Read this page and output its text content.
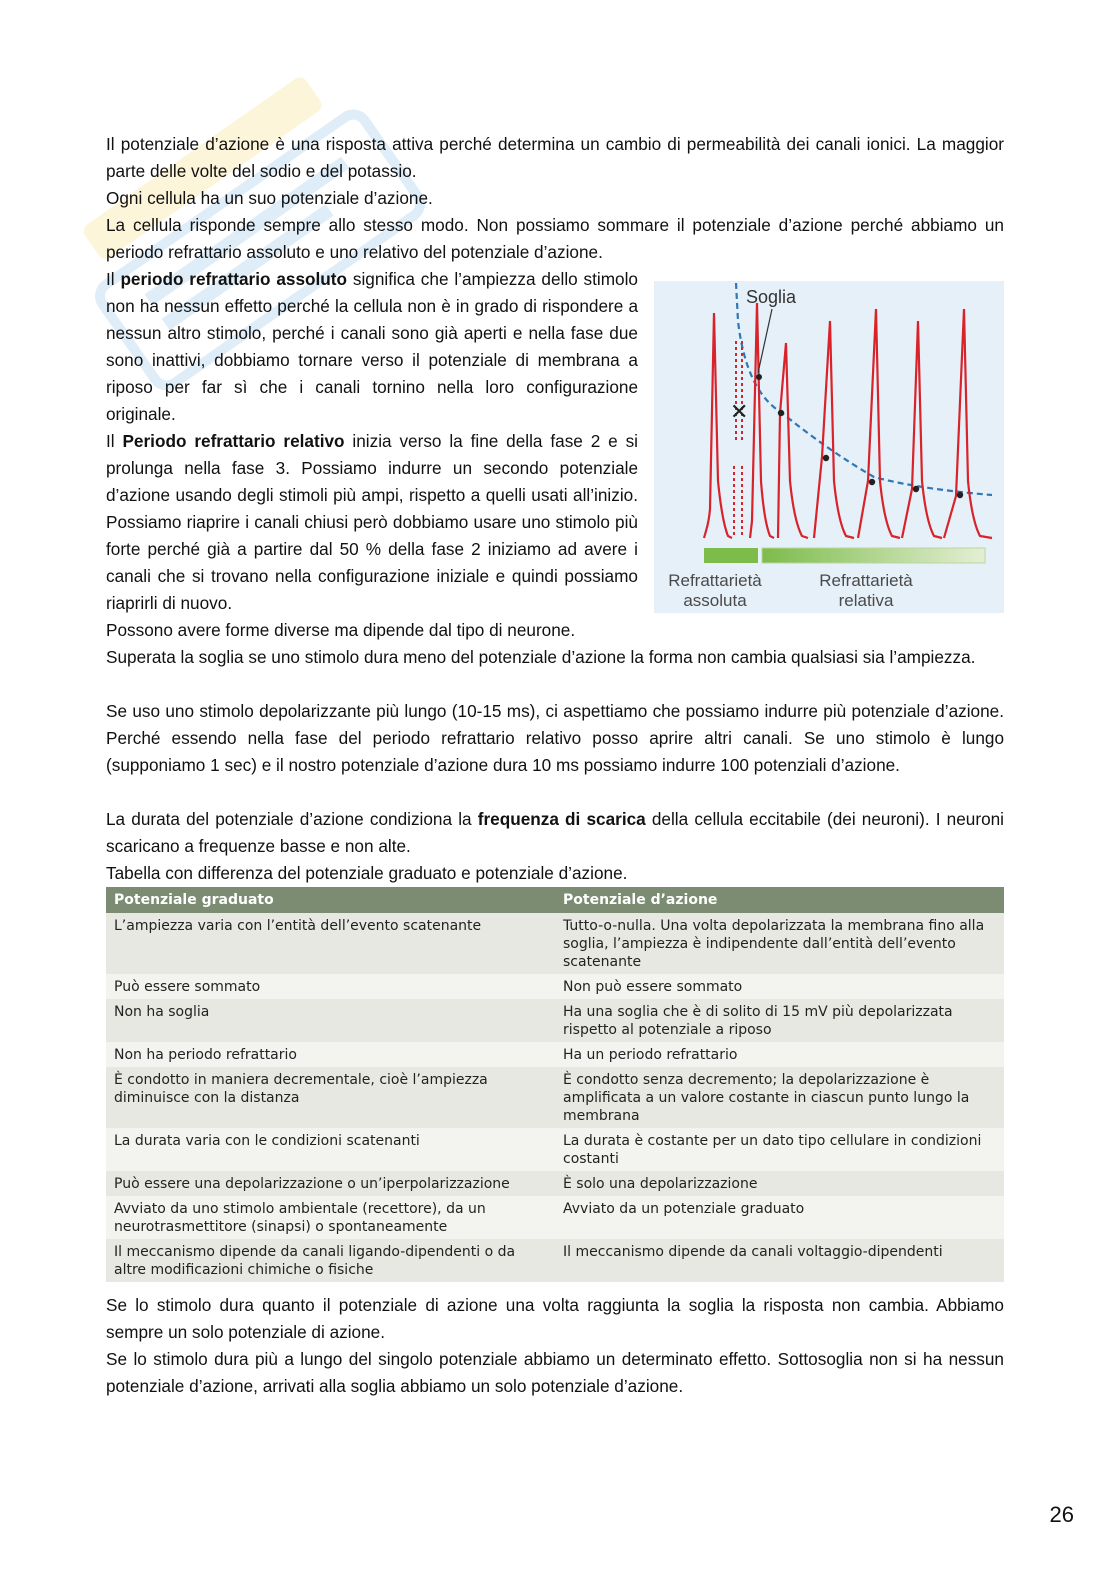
Il potenziale d’azione è una risposta attiva perché determina un cambio di permeabilità dei canali ionici. La maggior parte delle volte del sodio e del potassio.

Ogni cellula ha un suo potenziale d’azione.

La cellula risponde sempre allo stesso modo. Non possiamo sommare il potenziale d’azione perché abbiamo un periodo refrattario assoluto e uno relativo del potenziale d’azione.

Il periodo refrattario assoluto significa che l’ampiezza dello stimolo non ha nessun effetto perché la cellula non è in grado di rispondere a nessun altro stimolo, perché i canali sono già aperti e nella fase due sono inattivi, dobbiamo tornare verso il potenziale di membrana a riposo per far sì che i canali tornino nella loro configurazione originale.

Il Periodo refrattario relativo inizia verso la fine della fase 2 e si prolunga nella fase 3. Possiamo indurre un secondo potenziale d’azione usando degli stimoli più ampi, rispetto a quelli usati all’inizio. Possiamo riaprire i canali chiusi però dobbiamo usare uno stimolo più forte perché già a partire dal 50 % della fase 2 iniziamo ad avere i canali che si trovano nella configurazione iniziale e quindi possiamo riaprirli di nuovo.

✕
Soglia
Refrattarietà
assoluta
Refrattarietà
relativa

Possono avere forme diverse ma dipende dal tipo di neurone.

Superata la soglia se uno stimolo dura meno del potenziale d’azione la forma non cambia qualsiasi sia l’ampiezza.

Se uso uno stimolo depolarizzante più lungo (10-15 ms), ci aspettiamo che possiamo indurre più potenziale d’azione. Perché essendo nella fase del periodo refrattario relativo posso aprire altri canali. Se uno stimolo è lungo (supponiamo 1 sec) e il nostro potenziale d’azione dura 10 ms possiamo indurre 100 potenziali d’azione.

La durata del potenziale d’azione condiziona la frequenza di scarica della cellula eccitabile (dei neuroni). I neuroni scaricano a frequenze basse e non alte.

Tabella con differenza del potenziale graduato e potenziale d’azione.

Potenziale graduato	Potenziale d’azione
L’ampiezza varia con l’entità dell’evento scatenante	Tutto-o-nulla. Una volta depolarizzata la membrana fino alla soglia, l’ampiezza è indipendente dall’entità dell’evento scatenante
Può essere sommato	Non può essere sommato
Non ha soglia	Ha una soglia che è di solito di 15 mV più depolarizzata rispetto al potenziale a riposo
Non ha periodo refrattario	Ha un periodo refrattario
È condotto in maniera decrementale, cioè l’ampiezza diminuisce con la distanza	È condotto senza decremento; la depolarizzazione è amplificata a un valore costante in ciascun punto lungo la membrana
La durata varia con le condizioni scatenanti	La durata è costante per un dato tipo cellulare in condizioni costanti
Può essere una depolarizzazione o un’iperpolarizzazione	È solo una depolarizzazione
Avviato da uno stimolo ambientale (recettore), da un neurotrasmettitore (sinapsi) o spontaneamente	Avviato da un potenziale graduato
Il meccanismo dipende da canali ligando-dipendenti o da altre modificazioni chimiche o fisiche	Il meccanismo dipende da canali voltaggio-dipendenti

Se lo stimolo dura quanto il potenziale di azione una volta raggiunta la soglia la risposta non cambia. Abbiamo sempre un solo potenziale di azione.

Se lo stimolo dura più a lungo del singolo potenziale abbiamo un determinato effetto. Sottosoglia non si ha nessun potenziale d’azione, arrivati alla soglia abbiamo un solo potenziale d’azione.

26
